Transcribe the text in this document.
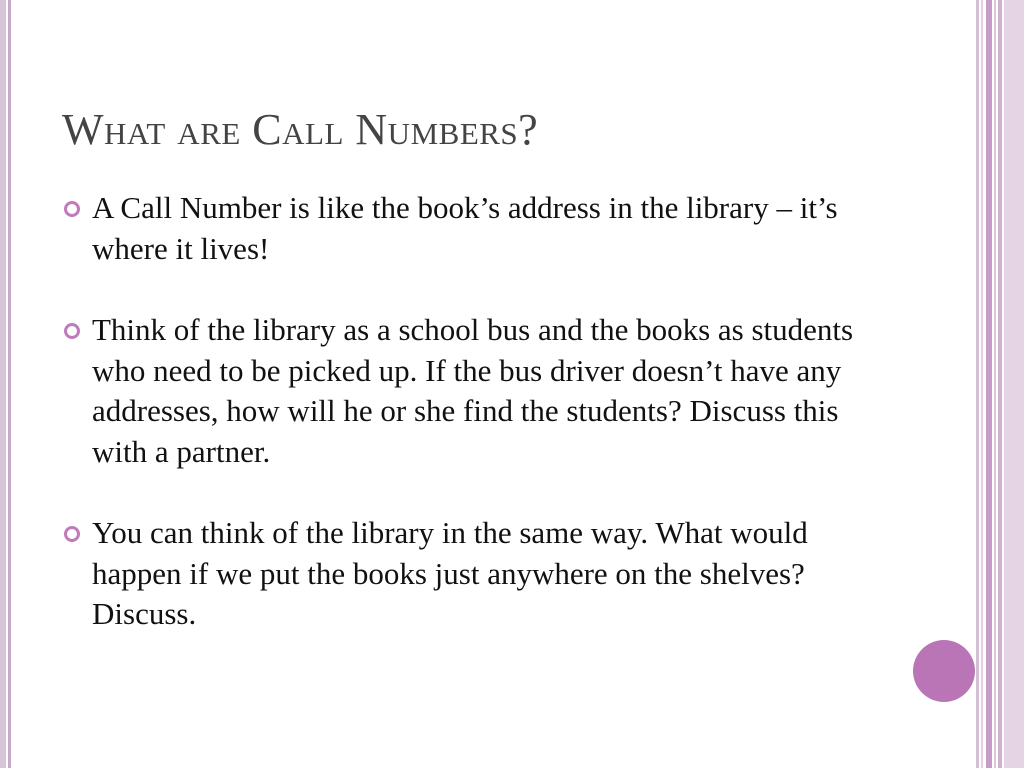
What are Call Numbers?
A Call Number is like the book’s address in the library – it’s where it lives!
Think of the library as a school bus and the books as students who need to be picked up. If the bus driver doesn’t have any addresses, how will he or she find the students? Discuss this with a partner.
You can think of the library in the same way. What would happen if we put the books just anywhere on the shelves? Discuss.
